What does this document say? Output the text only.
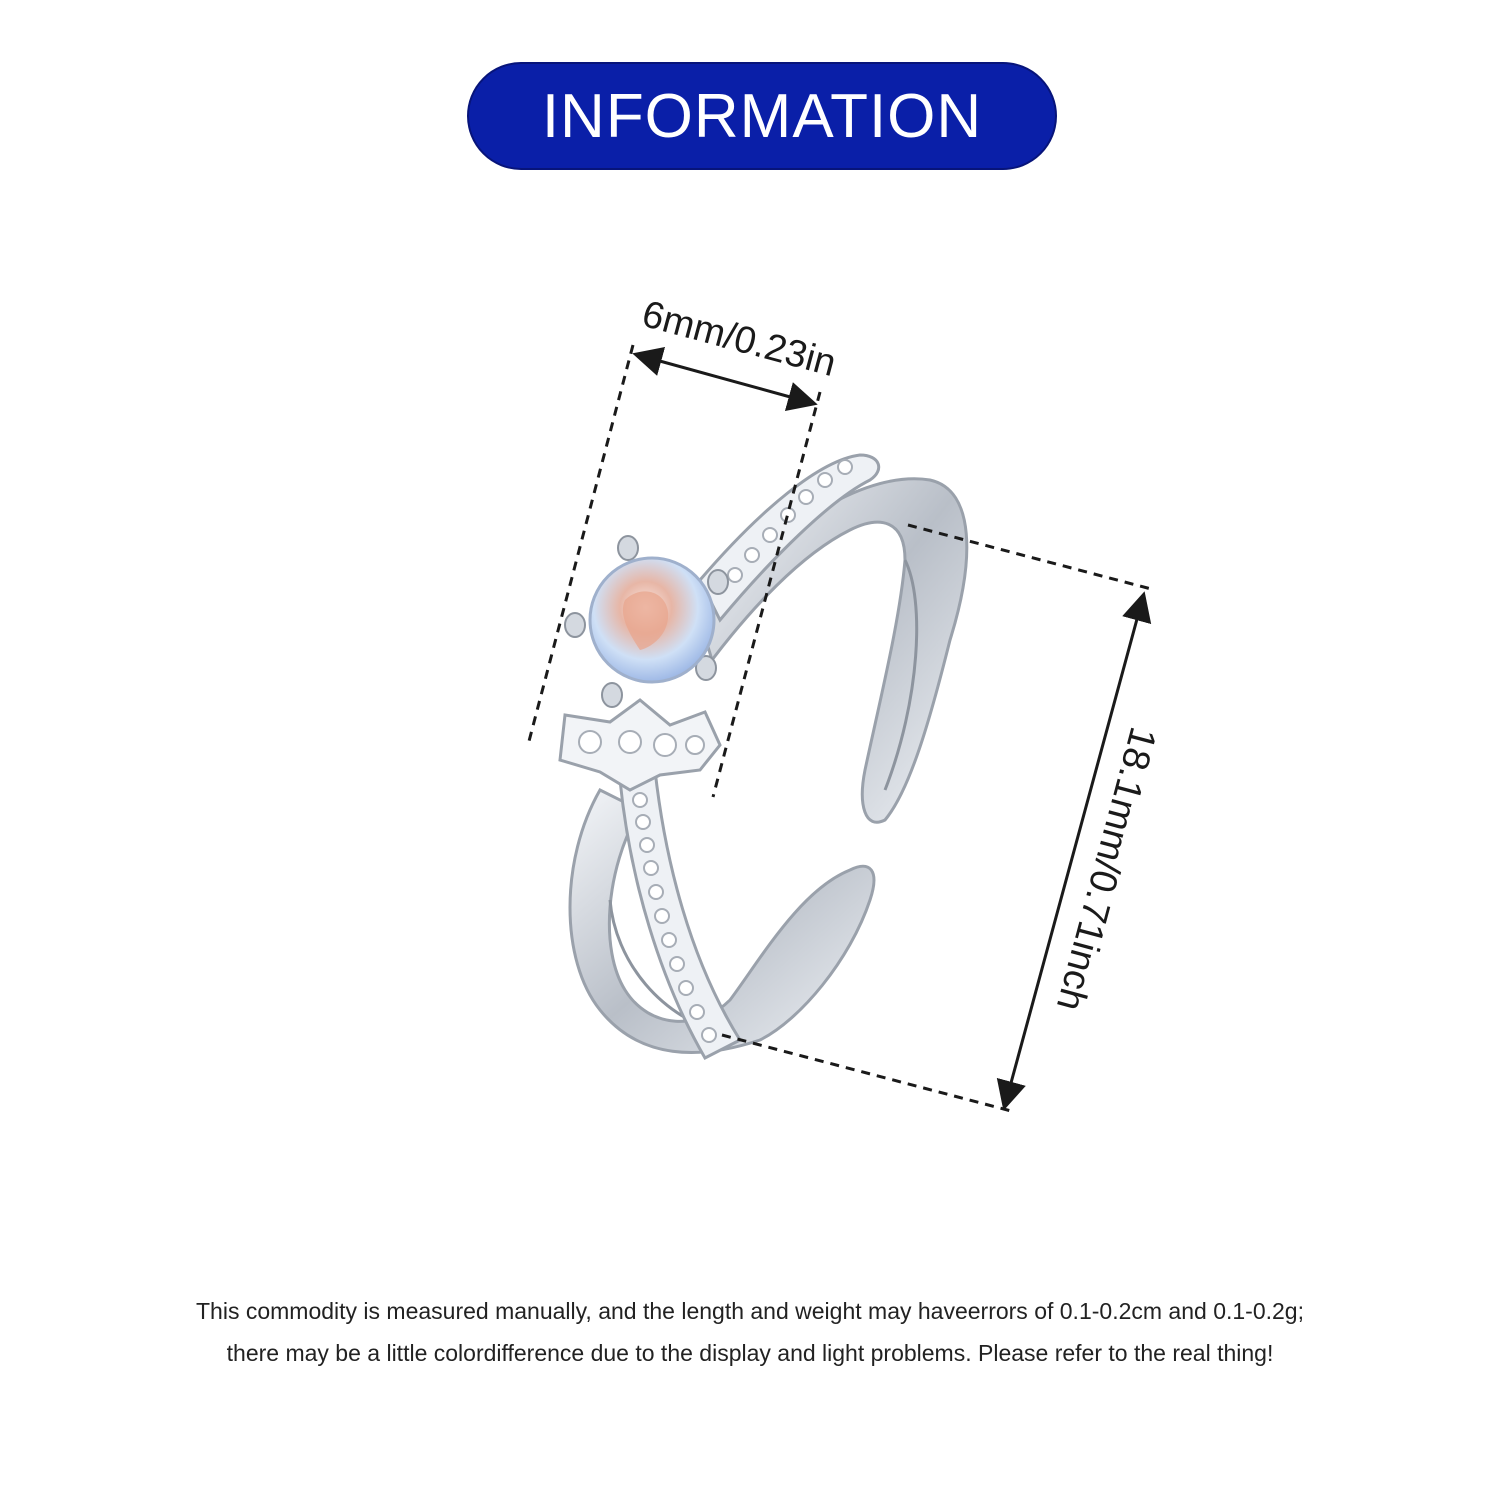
INFORMATION
6mm/0.23in
18.1mm/0.71inch
This commodity is measured manually, and the length and weight may haveerrors of 0.1-0.2cm and 0.1-0.2g;
there may be a little colordifference due to the display and light problems. Please refer to the real thing!
